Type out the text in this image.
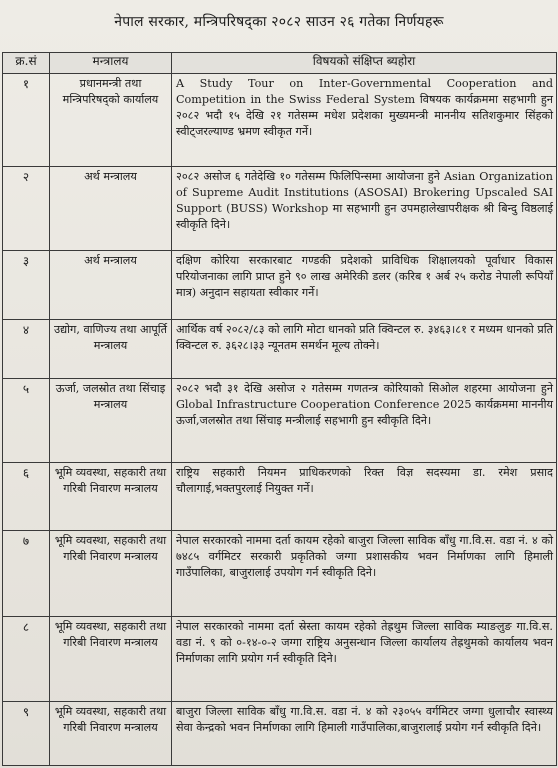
नेपाल सरकार, मन्त्रिपरिषद्का २०८२ साउन २६ गतेका निर्णयहरू
क्र.सं	मन्त्रालय	विषयको संक्षिप्त ब्यहोरा
१	प्रधानमन्त्री तथा मन्त्रिपरिषद्को कार्यालय	A Study Tour on Inter-Governmental Cooperation and Competition in the Swiss Federal System विषयक कार्यक्रममा सहभागी हुन २०८२ भदौ १५ देखि २१ गतेसम्म मधेश प्रदेशका मुख्यमन्त्री माननीय सतिशकुमार सिंहको स्वीट्जरल्याण्ड भ्रमण स्वीकृत गर्ने।
२	अर्थ मन्त्रालय	२०८२ असोज ६ गतेदेखि १० गतेसम्म फिलिपिन्समा आयोजना हुने Asian Organization of Supreme Audit Institutions (ASOSAI) Brokering Upscaled SAI Support (BUSS) Workshop मा सहभागी हुन उपमहालेखापरीक्षक श्री बिन्दु विष्ठलाई स्वीकृति दिने।
३	अर्थ मन्त्रालय	दक्षिण कोरिया सरकारबाट गण्डकी प्रदेशको प्राविधिक शिक्षालयको पूर्वाधार विकास परियोजनाका लागि प्राप्त हुने ९० लाख अमेरिकी डलर (करिब १ अर्ब २५ करोड नेपाली रूपियाँ मात्र) अनुदान सहायता स्वीकार गर्ने।
४	उद्योग, वाणिज्य तथा आपूर्ति मन्त्रालय	आर्थिक वर्ष २०८२/८३ को लागि मोटा धानको प्रति क्विन्टल रु. ३४६३।८१ र मध्यम धानको प्रति क्विन्टल रु. ३६२८।३३ न्यूनतम समर्थन मूल्य तोक्ने।
५	ऊर्जा, जलस्रोत तथा सिंचाइ मन्त्रालय	२०८२ भदौ ३१ देखि असोज २ गतेसम्म गणतन्त्र कोरियाको सिओल शहरमा आयोजना हुने Global Infrastructure Cooperation Conference 2025 कार्यक्रममा माननीय ऊर्जा,जलस्रोत तथा सिंचाइ मन्त्रीलाई सहभागी हुन स्वीकृति दिने।
६	भूमि व्यवस्था, सहकारी तथा गरिबी निवारण मन्त्रालय	राष्ट्रिय सहकारी नियमन प्राधिकरणको रिक्त विज्ञ सदस्यमा डा. रमेश प्रसाद चौलागाई,भक्तपुरलाई नियुक्त गर्ने।
७	भूमि व्यवस्था, सहकारी तथा गरिबी निवारण मन्त्रालय	नेपाल सरकारको नाममा दर्ता कायम रहेको बाजुरा जिल्ला साविक बाँधु गा.वि.स. वडा नं. ४ को ७४८५ वर्गमिटर सरकारी प्रकृतिको जग्गा प्रशासकीय भवन निर्माणका लागि हिमाली गाउँपालिका, बाजुरालाई उपयोग गर्न स्वीकृति दिने।
८	भूमि व्यवस्था, सहकारी तथा गरिबी निवारण मन्त्रालय	नेपाल सरकारको नाममा दर्ता स्रेस्ता कायम रहेको तेह्रथुम जिल्ला साविक म्याङलुङ गा.वि.स. वडा नं. ९ को ०-१४-०-२ जग्गा राष्ट्रिय अनुसन्धान जिल्ला कार्यालय तेह्रथुमको कार्यालय भवन निर्माणका लागि प्रयोग गर्न स्वीकृति दिने।
९	भूमि व्यवस्था, सहकारी तथा गरिबी निवारण मन्त्रालय	बाजुरा जिल्ला साविक बाँधु गा.वि.स. वडा नं. ४ को २३०५५ वर्गमिटर जग्गा धुलाचौर स्वास्थ्य सेवा केन्द्रको भवन निर्माणका लागि हिमाली गाउँपालिका,बाजुरालाई प्रयोग गर्न स्वीकृति दिने।
